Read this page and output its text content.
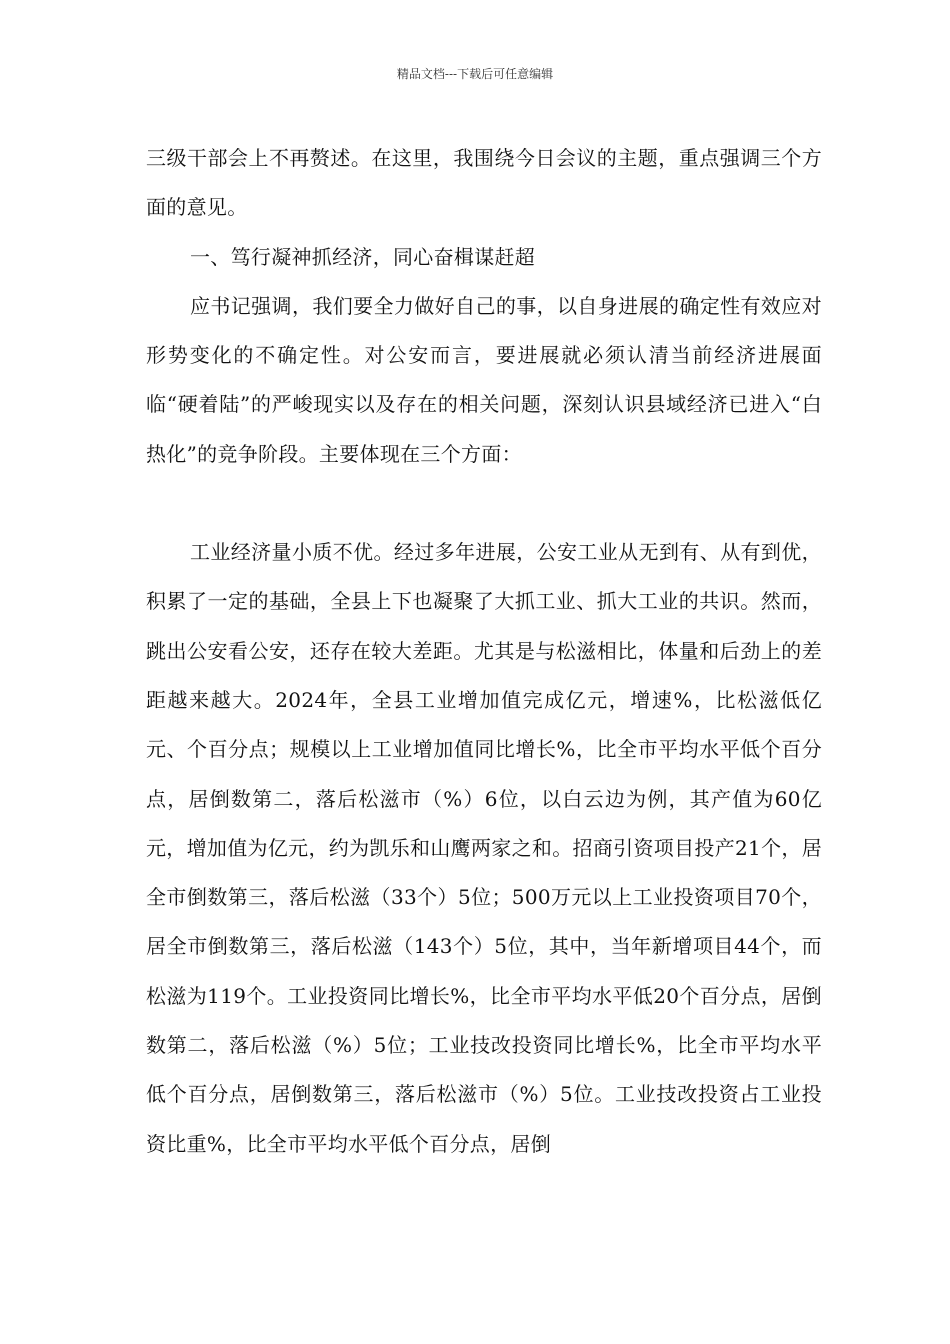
精品文档---下载后可任意编辑

三级干部会上不再赘述。在这里，我围绕今日会议的主题，重点强调三个方面的意见。

一、笃行凝神抓经济，同心奋楫谋赶超

应书记强调，我们要全力做好自己的事，以自身进展的确定性有效应对形势变化的不确定性。对公安而言，要进展就必须认清当前经济进展面临“硬着陆”的严峻现实以及存在的相关问题，深刻认识县域经济已进入“白热化”的竞争阶段。主要体现在三个方面：

工业经济量小质不优。经过多年进展，公安工业从无到有、从有到优，积累了一定的基础，全县上下也凝聚了大抓工业、抓大工业的共识。然而，跳出公安看公安，还存在较大差距。尤其是与松滋相比，体量和后劲上的差距越来越大。2024年，全县工业增加值完成亿元，增速%，比松滋低亿元、个百分点；规模以上工业增加值同比增长%，比全市平均水平低个百分点，居倒数第二，落后松滋市（%）6位，以白云边为例，其产值为60亿元，增加值为亿元，约为凯乐和山鹰两家之和。招商引资项目投产21个，居全市倒数第三，落后松滋（33个）5位；500万元以上工业投资项目70个，居全市倒数第三，落后松滋（143个）5位，其中，当年新增项目44个，而松滋为119个。工业投资同比增长%，比全市平均水平低20个百分点，居倒数第二，落后松滋（%）5位；工业技改投资同比增长%，比全市平均水平低个百分点，居倒数第三，落后松滋市（%）5位。工业技改投资占工业投资比重%，比全市平均水平低个百分点，居倒
